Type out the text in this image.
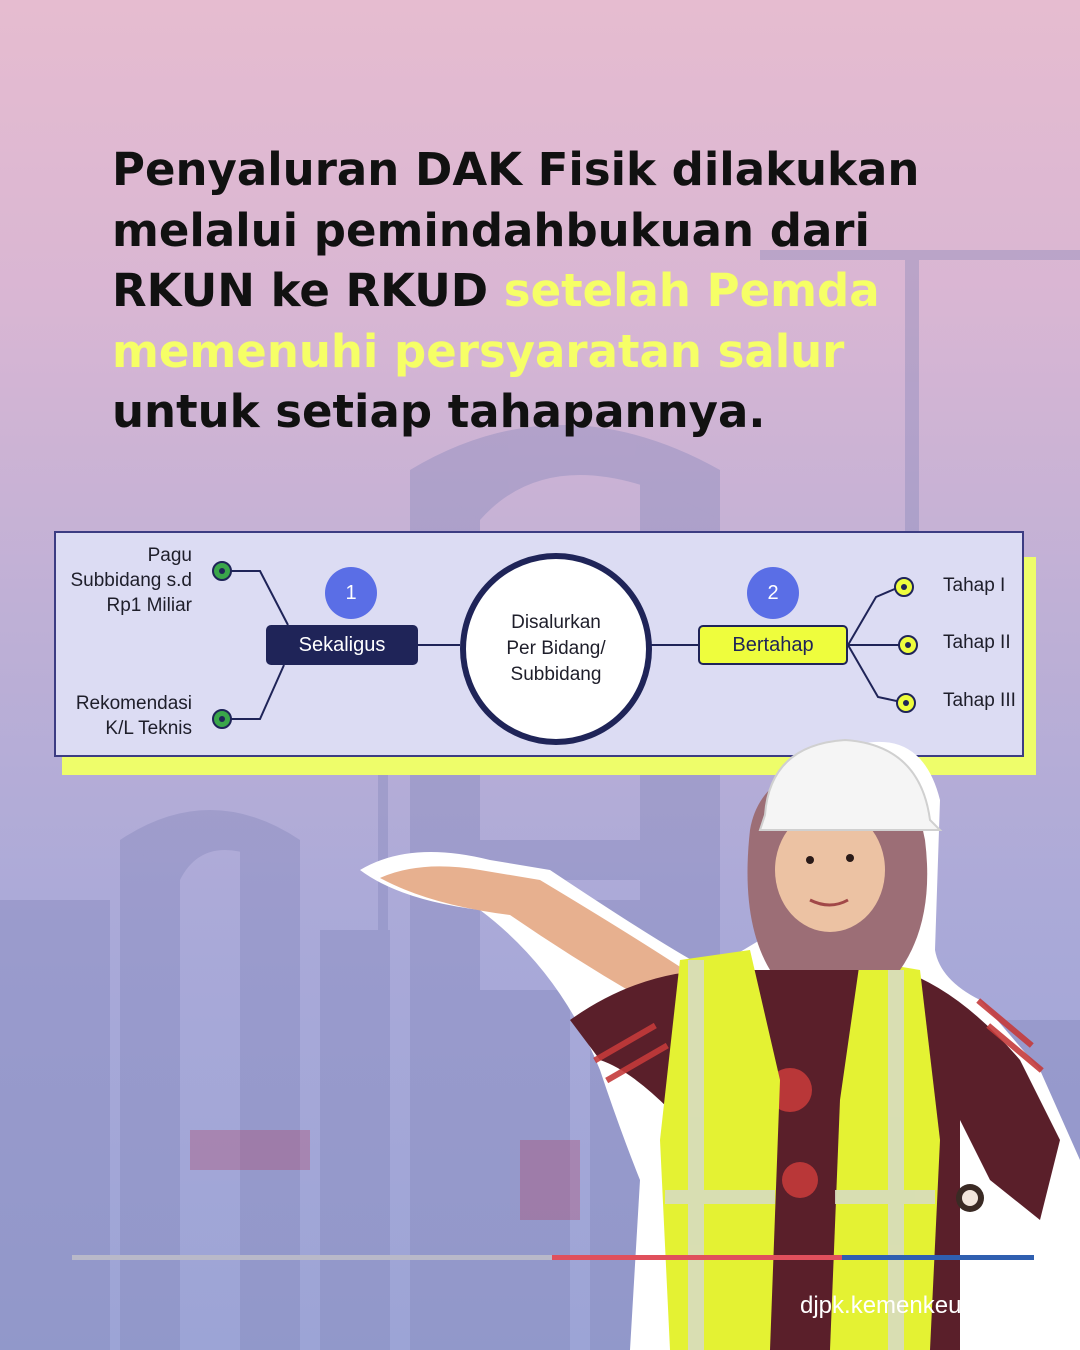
Penyaluran DAK Fisik dilakukan melalui pemindahbukuan dari RKUN ke RKUD setelah Pemda memenuhi persyaratan salur untuk setiap tahapannya.
Pagu
Subbidang s.d
Rp1 Miliar
Rekomendasi
K/L Teknis
1
Sekaligus
Disalurkan
Per Bidang/
Subbidang
2
Bertahap
Tahap I
Tahap II
Tahap III
djpk.kemenkeu.go.id
